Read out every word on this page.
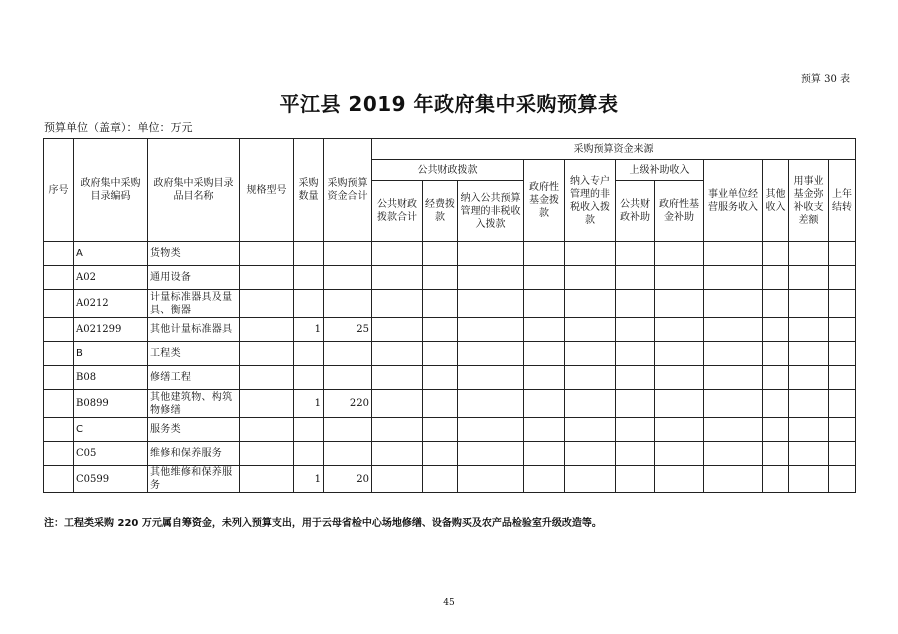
预算 30 表
平江县 2019 年政府集中采购预算表
预算单位（盖章）：单位：万元
序号	政府集中采购目录编码	政府集中采购目录品目名称	规格型号	采购数量	采购预算资金合计	采购预算资金来源										
						公共财政拨款			政府性基金拨款	纳入专户管理的非税收入拨款	上级补助收入		事业单位经营服务收入	其他收入	用事业基金弥补收支差额	上年结转
						公共财政拨款合计	经费拨款	纳入公共预算管理的非税收入拨款			公共财政补助	政府性基金补助				
	A	货物类														
	A02	通用设备														
	A0212	计量标准器具及量具、衡器														
	A021299	其他计量标准器具		1	25											
	B	工程类														
	B08	修缮工程														
	B0899	其他建筑物、构筑物修缮		1	220											
	C	服务类														
	C05	维修和保养服务														
	C0599	其他维修和保养服务		1	20											
注：工程类采购 220 万元属自筹资金，未列入预算支出，用于云母省检中心场地修缮、设备购买及农产品检验室升级改造等。
45
